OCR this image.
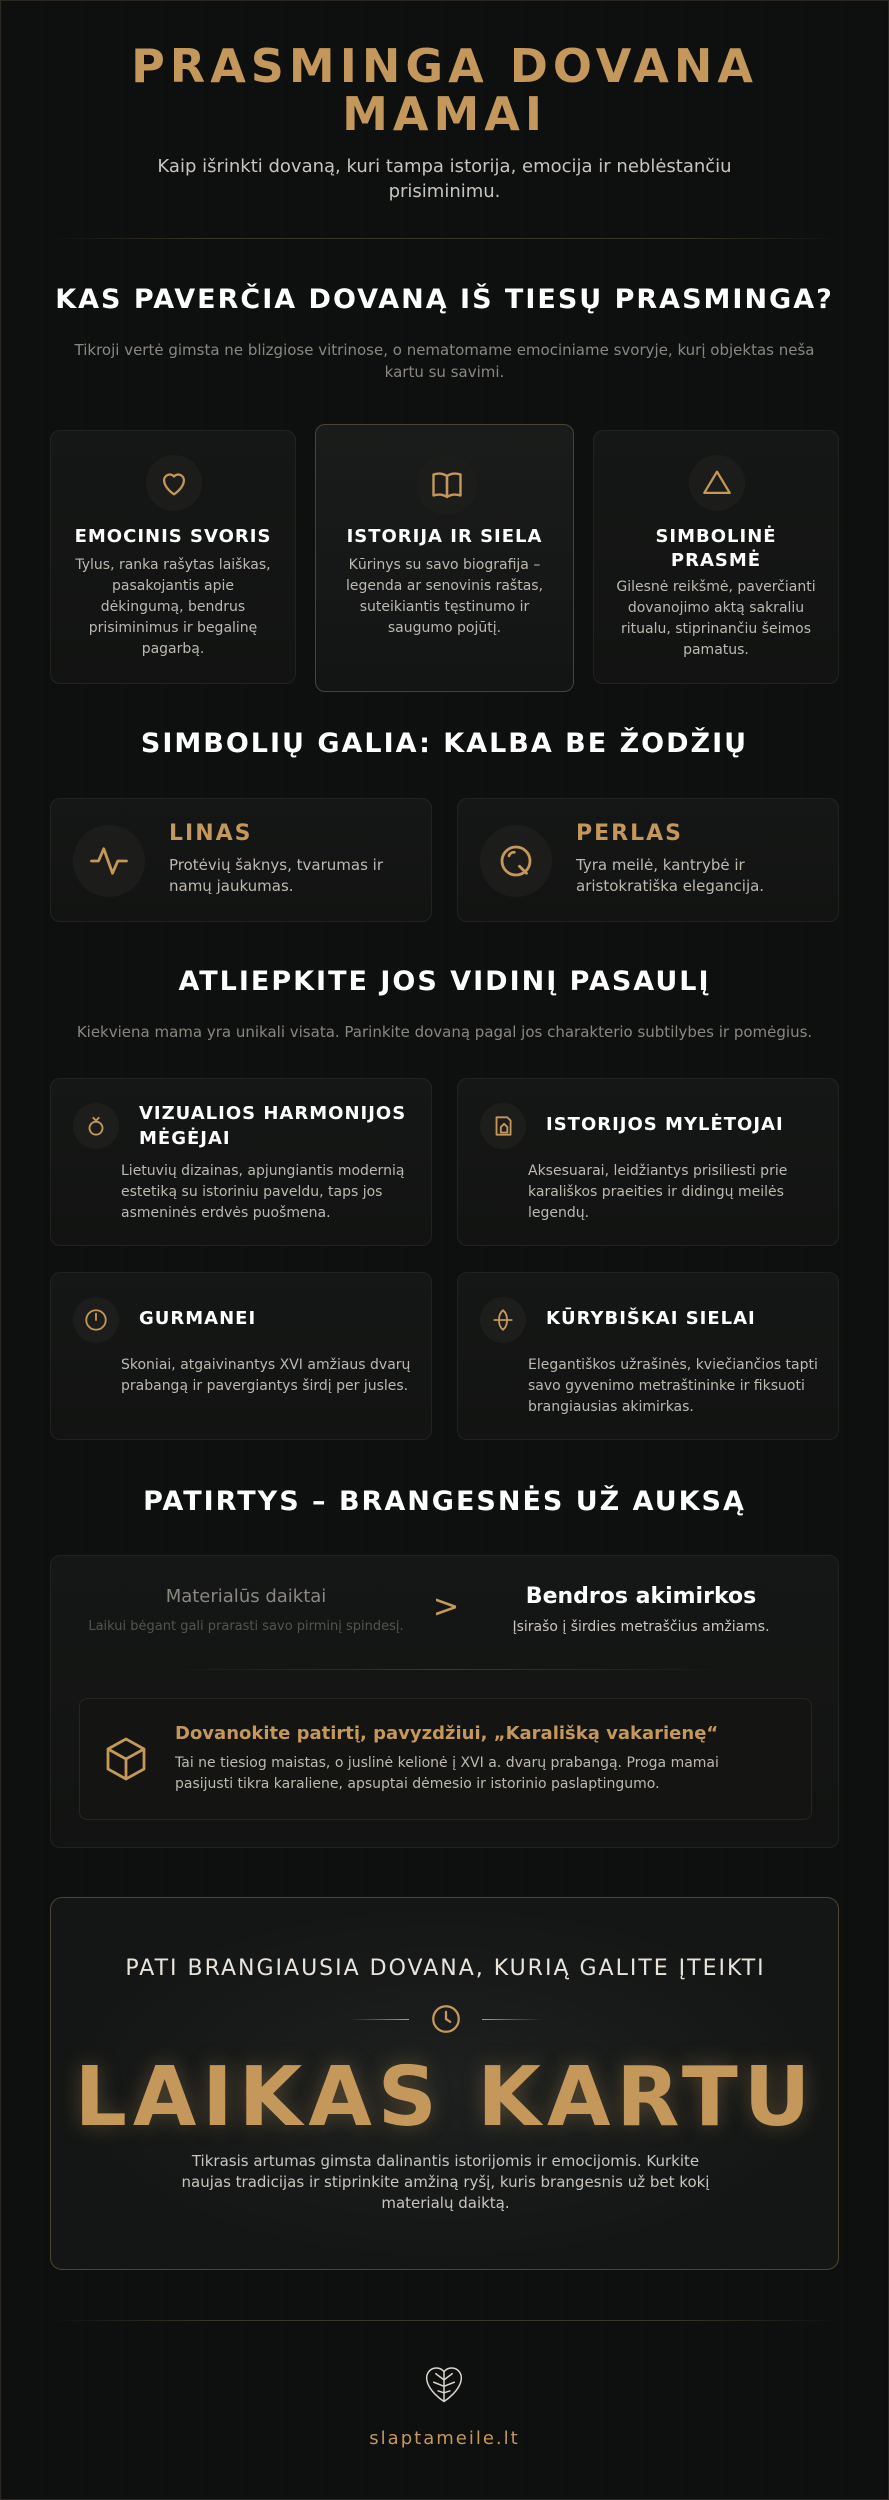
PRASMINGA DOVANA
MAMAI
Kaip išrinkti dovaną, kuri tampa istorija, emocija ir neblėstančiu prisiminimu.
KAS PAVERČIA DOVANĄ IŠ TIESŲ PRASMINGA?
Tikroji vertė gimsta ne blizgiose vitrinose, o nematomame emociniame svoryje, kurį objektas neša kartu su savimi.
EMOCINIS SVORIS
Tylus, ranka rašytas laiškas, pasakojantis apie dėkingumą, bendrus prisiminimus ir begalinę pagarbą.
ISTORIJA IR SIELA
Kūrinys su savo biografija – legenda ar senovinis raštas, suteikiantis tęstinumo ir saugumo pojūtį.
SIMBOLINĖ
PRASMĖ
Gilesnė reikšmė, paverčianti dovanojimo aktą sakraliu ritualu, stiprinančiu šeimos pamatus.
SIMBOLIŲ GALIA: KALBA BE ŽODŽIŲ
LINAS
Protėvių šaknys, tvarumas ir namų jaukumas.
PERLAS
Tyra meilė, kantrybė ir aristokratiška elegancija.
ATLIEPKITE JOS VIDINĮ PASAULĮ
Kiekviena mama yra unikali visata. Parinkite dovaną pagal jos charakterio subtilybes ir pomėgius.
VIZUALIOS HARMONIJOS
MĖGĖJAI
Lietuvių dizainas, apjungiantis modernią estetiką su istoriniu paveldu, taps jos asmeninės erdvės puošmena.
ISTORIJOS MYLĖTOJAI
Aksesuarai, leidžiantys prisiliesti prie karališkos praeities ir didingų meilės legendų.
GURMANEI
Skoniai, atgaivinantys XVI amžiaus dvarų prabangą ir pavergiantys širdį per jusles.
KŪRYBIŠKAI SIELAI
Elegantiškos užrašinės, kviečiančios tapti savo gyvenimo metraštininke ir fiksuoti brangiausias akimirkas.
PATIRTYS – BRANGESNĖS UŽ AUKSĄ
Materialūs daiktai
Laikui bėgant gali prarasti savo pirminį spindesį.
>	Bendros akimirkos
Įsirašo į širdies metraščius amžiams.
Dovanokite patirtį, pavyzdžiui, „Karališką vakarienę“
Tai ne tiesiog maistas, o juslinė kelionė į XVI a. dvarų prabangą. Proga mamai pasijusti tikra karaliene, apsuptai dėmesio ir istorinio paslaptingumo.
PATI BRANGIAUSIA DOVANA, KURIĄ GALITE ĮTEIKTI
LAIKAS KARTU
Tikrasis artumas gimsta dalinantis istorijomis ir emocijomis. Kurkite naujas tradicijas ir stiprinkite amžiną ryšį, kuris brangesnis už bet kokį materialų daiktą.
slaptameile.lt
